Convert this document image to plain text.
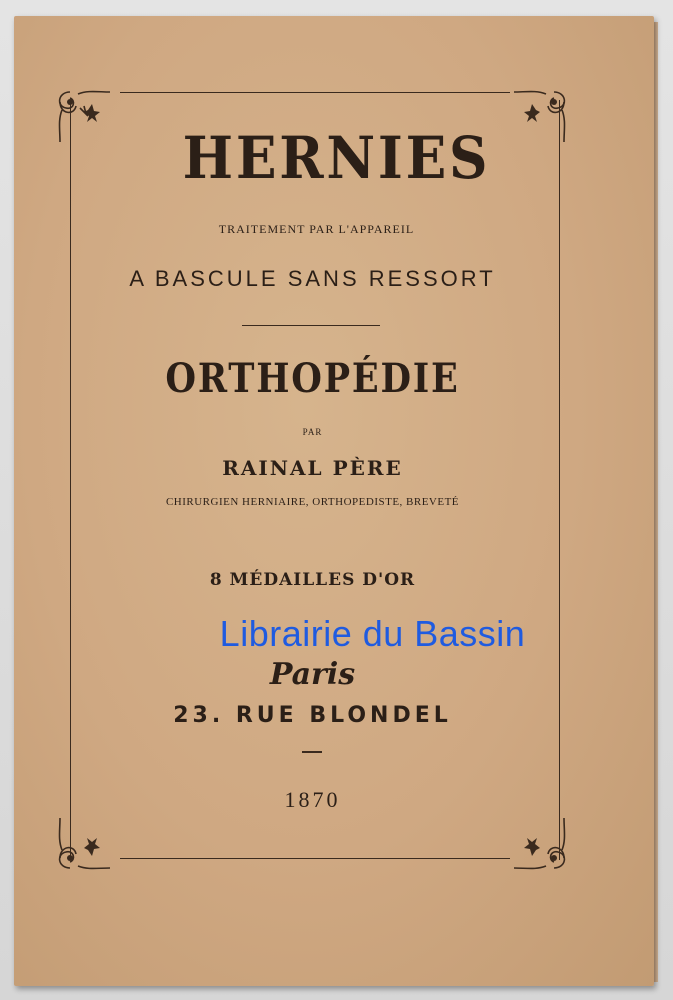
HERNIES
TRAITEMENT PAR L'APPAREIL
A BASCULE SANS RESSORT
ORTHOPÉDIE
PAR
RAINAL PÈRE
CHIRURGIEN HERNIAIRE, ORTHOPEDISTE, BREVETÉ
8 MÉDAILLES D'OR
Librairie du Bassin
Paris
23. RUE BLONDEL
1870
